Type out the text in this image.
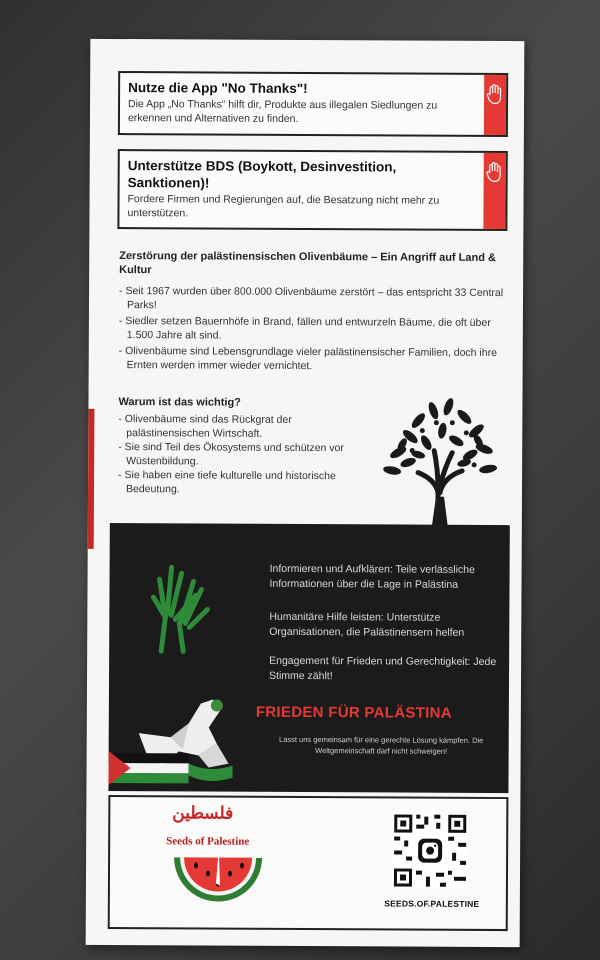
Nutze die App "No Thanks"!
Die App „No Thanks“ hilft dir, Produkte aus illegalen Siedlungen zu erkennen und Alternativen zu finden.
Unterstütze BDS (Boykott, Desinvestition, Sanktionen)!
Fordere Firmen und Regierungen auf, die Besatzung nicht mehr zu unterstützen.
Zerstörung der palästinensischen Olivenbäume – Ein Angriff auf Land & Kultur
- Seit 1967 wurden über 800.000 Olivenbäume zerstört – das entspricht 33 Central Parks!
- Siedler setzen Bauernhöfe in Brand, fällen und entwurzeln Bäume, die oft über 1.500 Jahre alt sind.
- Olivenbäume sind Lebensgrundlage vieler palästinensischer Familien, doch ihre Ernten werden immer wieder vernichtet.
Warum ist das wichtig?
- Olivenbäume sind das Rückgrat der palästinensischen Wirtschaft.
- Sie sind Teil des Ökosystems und schützen vor Wüstenbildung.
- Sie haben eine tiefe kulturelle und historische Bedeutung.
Informieren und Aufklären: Teile verlässliche Informationen über die Lage in Palästina
Humanitäre Hilfe leisten: Unterstütze Organisationen, die Palästinensern helfen
Engagement für Frieden und Gerechtigkeit: Jede Stimme zählt!
FRIEDEN FÜR PALÄSTINA
Lasst uns gemeinsam für eine gerechte Lösung kämpfen. Die Weltgemeinschaft darf nicht schweigen!
فلسطين
Seeds of Palestine
SEEDS.OF.PALESTINE
